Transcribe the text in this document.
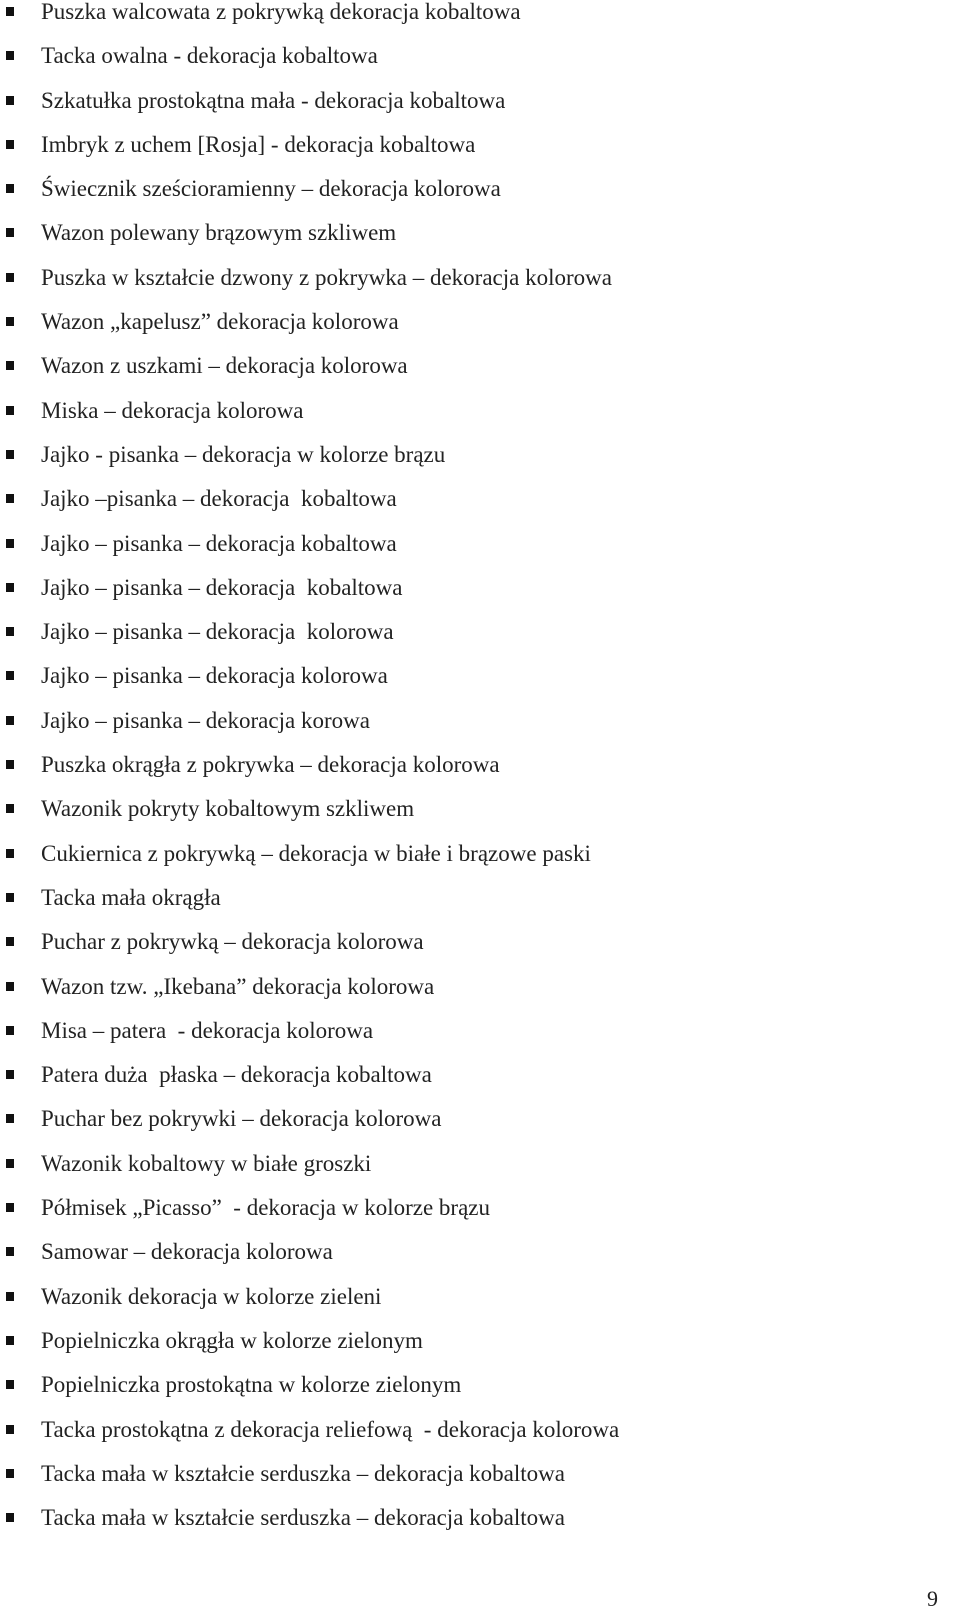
Puszka walcowata z pokrywką dekoracja kobaltowa
Tacka owalna - dekoracja kobaltowa
Szkatułka prostokątna mała - dekoracja kobaltowa
Imbryk z uchem [Rosja] - dekoracja kobaltowa
Świecznik sześcioramienny – dekoracja kolorowa
Wazon polewany brązowym szkliwem
Puszka w kształcie dzwony z pokrywka – dekoracja kolorowa
Wazon „kapelusz” dekoracja kolorowa
Wazon z uszkami – dekoracja kolorowa
Miska – dekoracja kolorowa
Jajko - pisanka – dekoracja w kolorze brązu
Jajko –pisanka – dekoracja  kobaltowa
Jajko – pisanka – dekoracja kobaltowa
Jajko – pisanka – dekoracja  kobaltowa
Jajko – pisanka – dekoracja  kolorowa
Jajko – pisanka – dekoracja kolorowa
Jajko – pisanka – dekoracja korowa
Puszka okrągła z pokrywka – dekoracja kolorowa
Wazonik pokryty kobaltowym szkliwem
Cukiernica z pokrywką – dekoracja w białe i brązowe paski
Tacka mała okrągła
Puchar z pokrywką – dekoracja kolorowa
Wazon tzw. „Ikebana” dekoracja kolorowa
Misa – patera  - dekoracja kolorowa
Patera duża  płaska – dekoracja kobaltowa
Puchar bez pokrywki – dekoracja kolorowa
Wazonik kobaltowy w białe groszki
Półmisek „Picasso”  - dekoracja w kolorze brązu
Samowar – dekoracja kolorowa
Wazonik dekoracja w kolorze zieleni
Popielniczka okrągła w kolorze zielonym
Popielniczka prostokątna w kolorze zielonym
Tacka prostokątna z dekoracja reliefową  - dekoracja kolorowa
Tacka mała w kształcie serduszka – dekoracja kobaltowa
Tacka mała w kształcie serduszka – dekoracja kobaltowa
9
